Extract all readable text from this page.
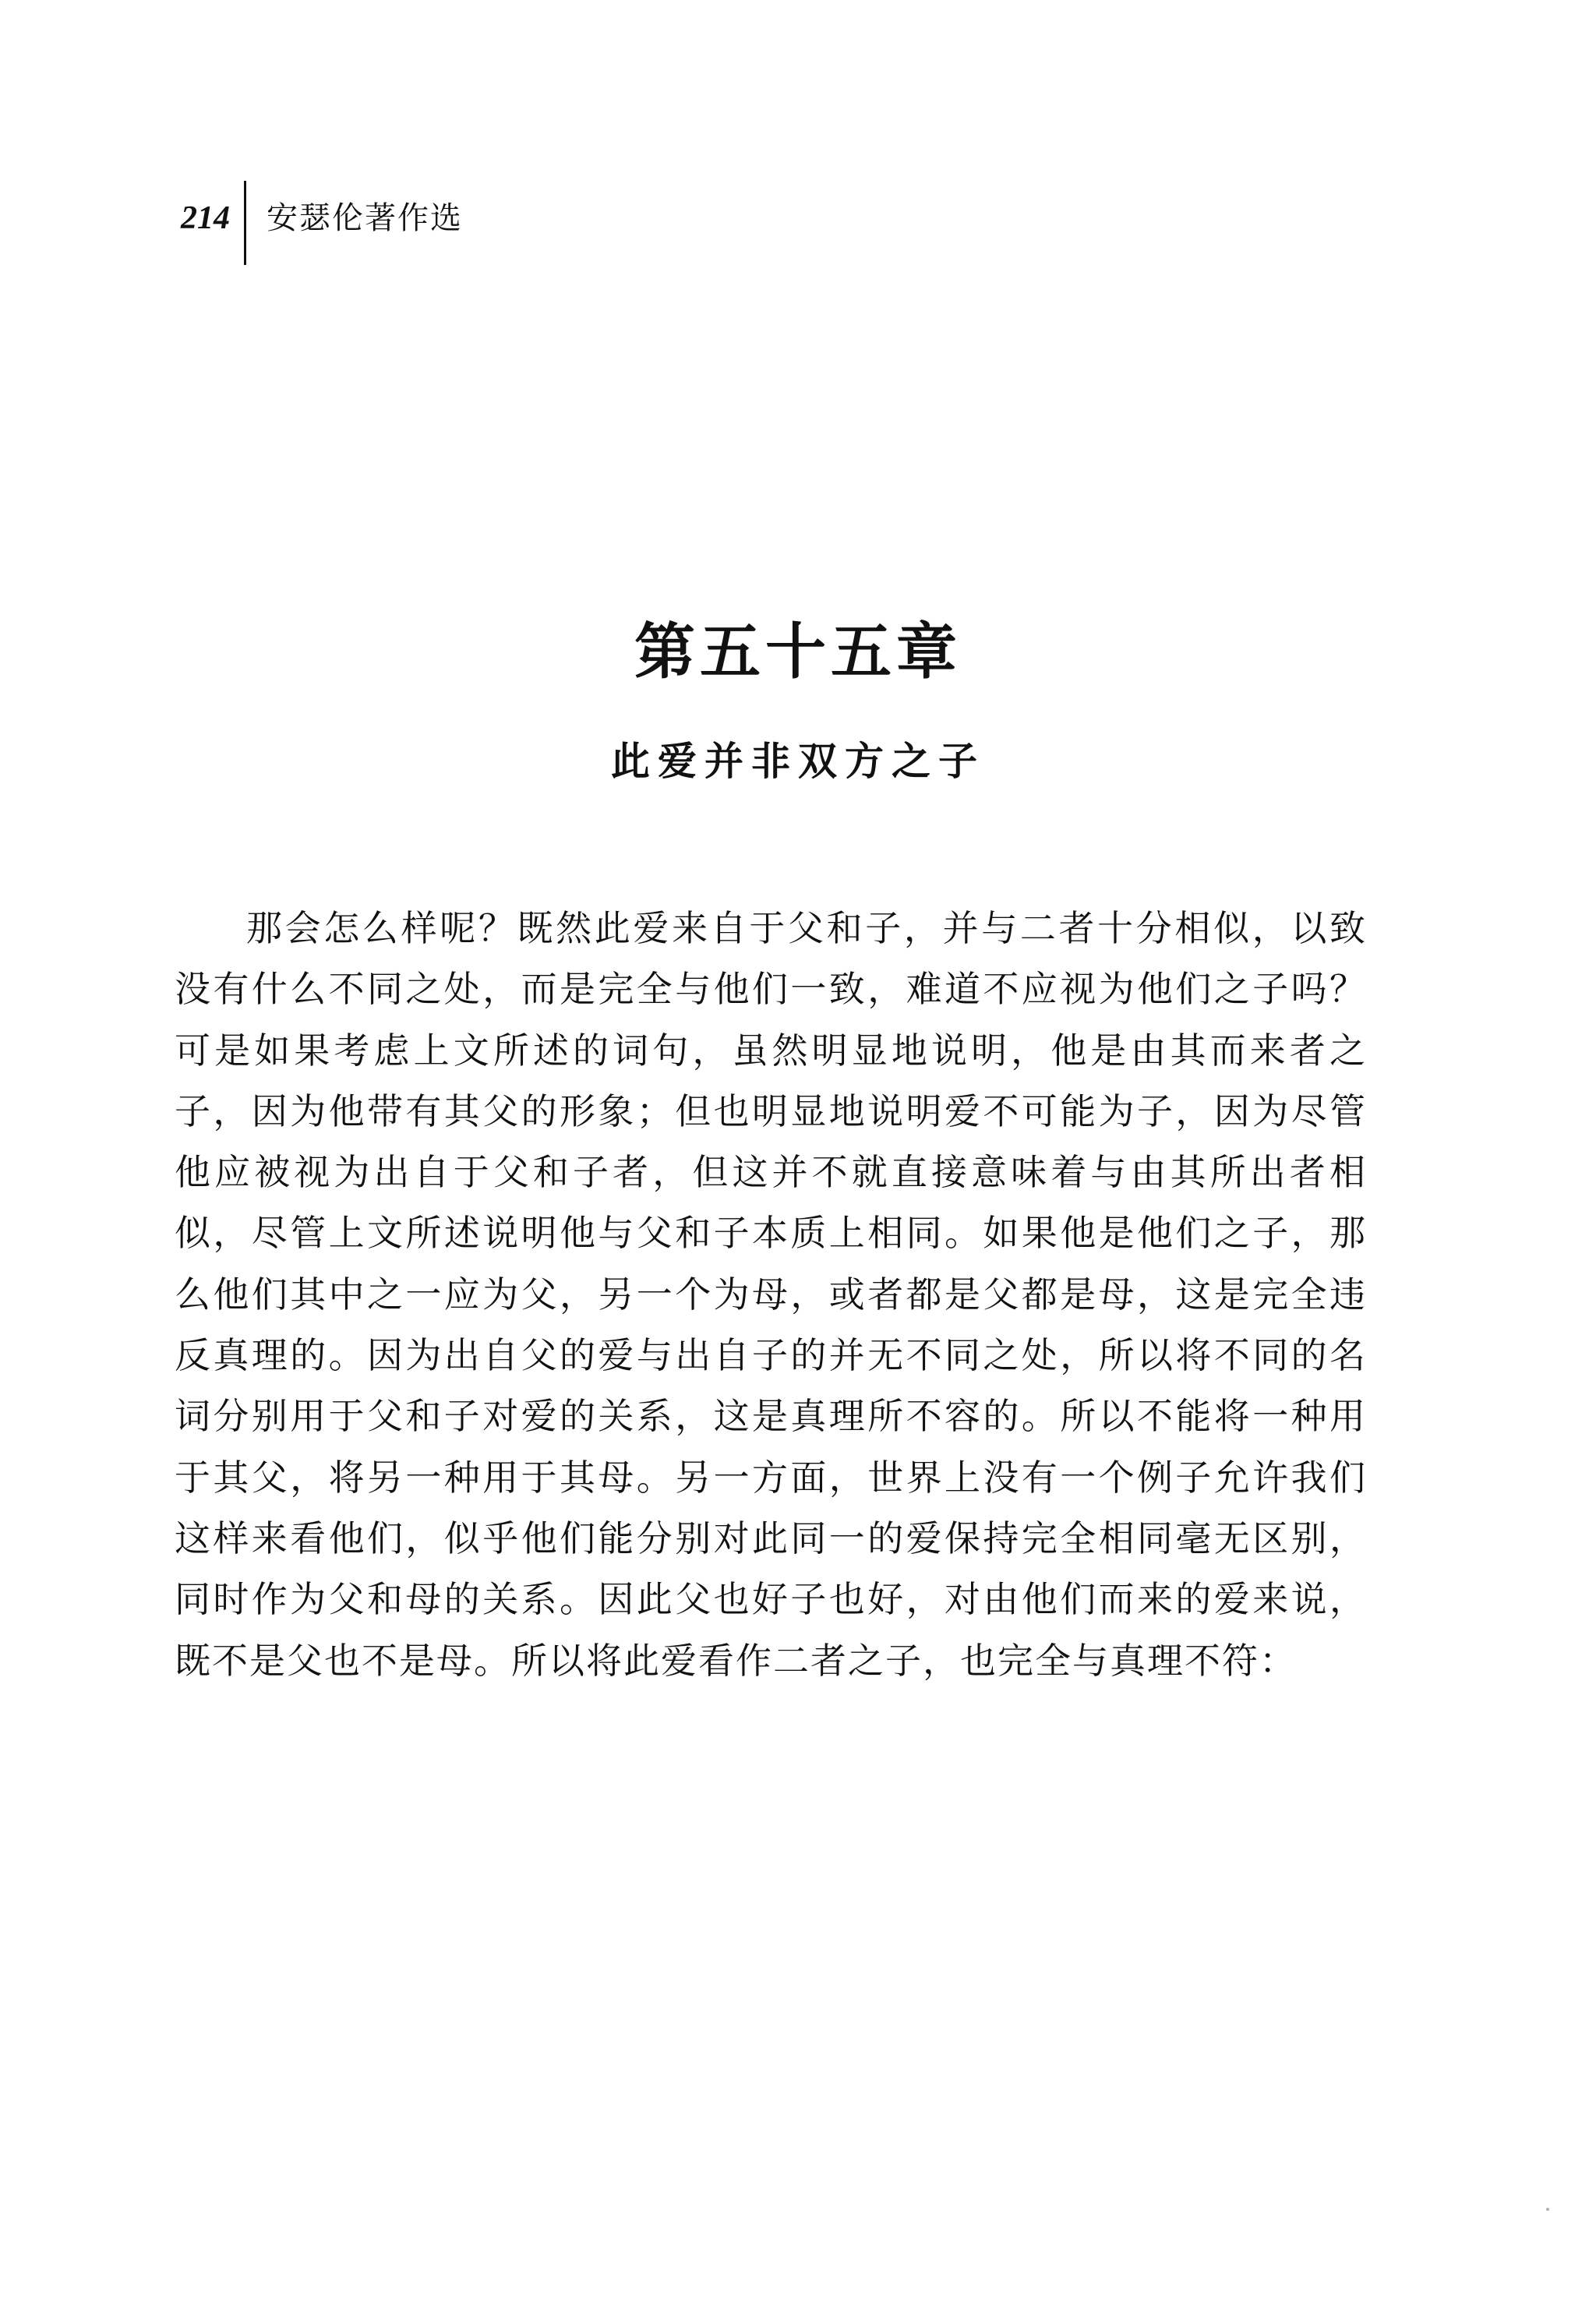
214	安瑟伦著作选
第五十五章
此爱并非双方之子

那会怎么样呢？既然此爱来自于父和子，并与二者十分相似，以致没有什么不同之处，而是完全与他们一致，难道不应视为他们之子吗？可是如果考虑上文所述的词句，虽然明显地说明，他是由其而来者之子，因为他带有其父的形象；但也明显地说明爱不可能为子，因为尽管他应被视为出自于父和子者，但这并不就直接意味着与由其所出者相似，尽管上文所述说明他与父和子本质上相同。如果他是他们之子，那么他们其中之一应为父，另一个为母，或者都是父都是母，这是完全违反真理的。因为出自父的爱与出自子的并无不同之处，所以将不同的名词分别用于父和子对爱的关系，这是真理所不容的。所以不能将一种用于其父，将另一种用于其母。另一方面，世界上没有一个例子允许我们这样来看他们，似乎他们能分别对此同一的爱保持完全相同毫无区别，同时作为父和母的关系。因此父也好子也好，对由他们而来的爱来说，既不是父也不是母。所以将此爱看作二者之子，也完全与真理不符：
